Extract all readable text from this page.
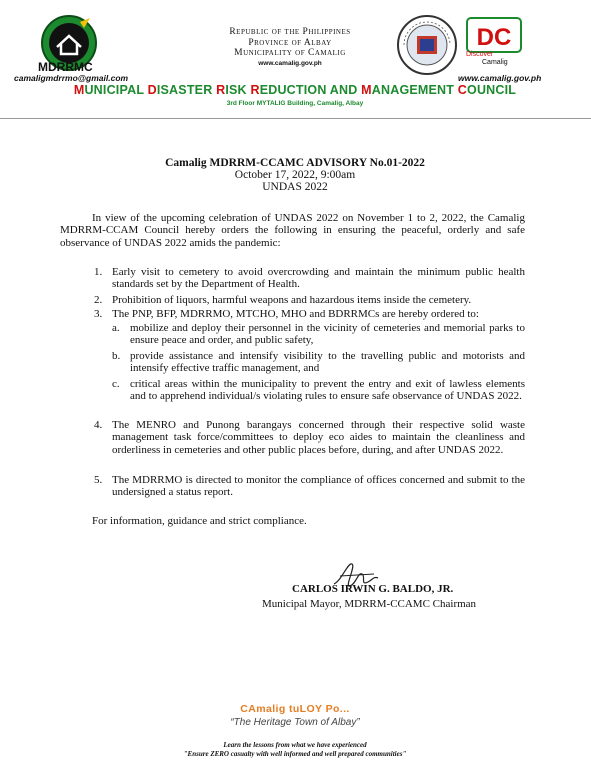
MDRRMC
camaligmdrrmo@gmail.com
Republic of the Philippines
Province of Albay
Municipality of Camalig
www.camalig.gov.ph
DC
Discover
Camalig
www.camalig.gov.ph
MUNICIPAL DISASTER RISK REDUCTION AND MANAGEMENT COUNCIL
3rd Floor MYTALIG Building, Camalig, Albay
Camalig MDRRM-CCAMC ADVISORY No.01-2022
October 17, 2022, 9:00am
UNDAS 2022
In view of the upcoming celebration of UNDAS 2022 on November 1 to 2, 2022, the Camalig MDRRM-CCAM Council hereby orders the following in ensuring the peaceful, orderly and safe observance of UNDAS 2022 amids the pandemic:
1. Early visit to cemetery to avoid overcrowding and maintain the minimum public health standards set by the Department of Health.
2. Prohibition of liquors, harmful weapons and hazardous items inside the cemetery.
3. The PNP, BFP, MDRRMO, MTCHO, MHO and BDRRMCs are hereby ordered to:
a. mobilize and deploy their personnel in the vicinity of cemeteries and memorial parks to ensure peace and order, and public safety,
b. provide assistance and intensify visibility to the travelling public and motorists and intensify effective traffic management, and
c. critical areas within the municipality to prevent the entry and exit of lawless elements and to apprehend individual/s violating rules to ensure safe observance of UNDAS 2022.
4. The MENRO and Punong barangays concerned through their respective solid waste management task force/committees to deploy eco aides to maintain the cleanliness and orderliness in cemeteries and other public places before, during, and after UNDAS 2022.
5. The MDRRMO is directed to monitor the compliance of offices concerned and submit to the undersigned a status report.
For information, guidance and strict compliance.
CARLOS IRWIN G. BALDO, JR.
Municipal Mayor, MDRRM-CCAMC Chairman
CAmalig tuLOY Po...
“The Heritage Town of Albay”
Learn the lessons from what we have experienced
"Ensure ZERO casualty with well informed and well prepared communities"
